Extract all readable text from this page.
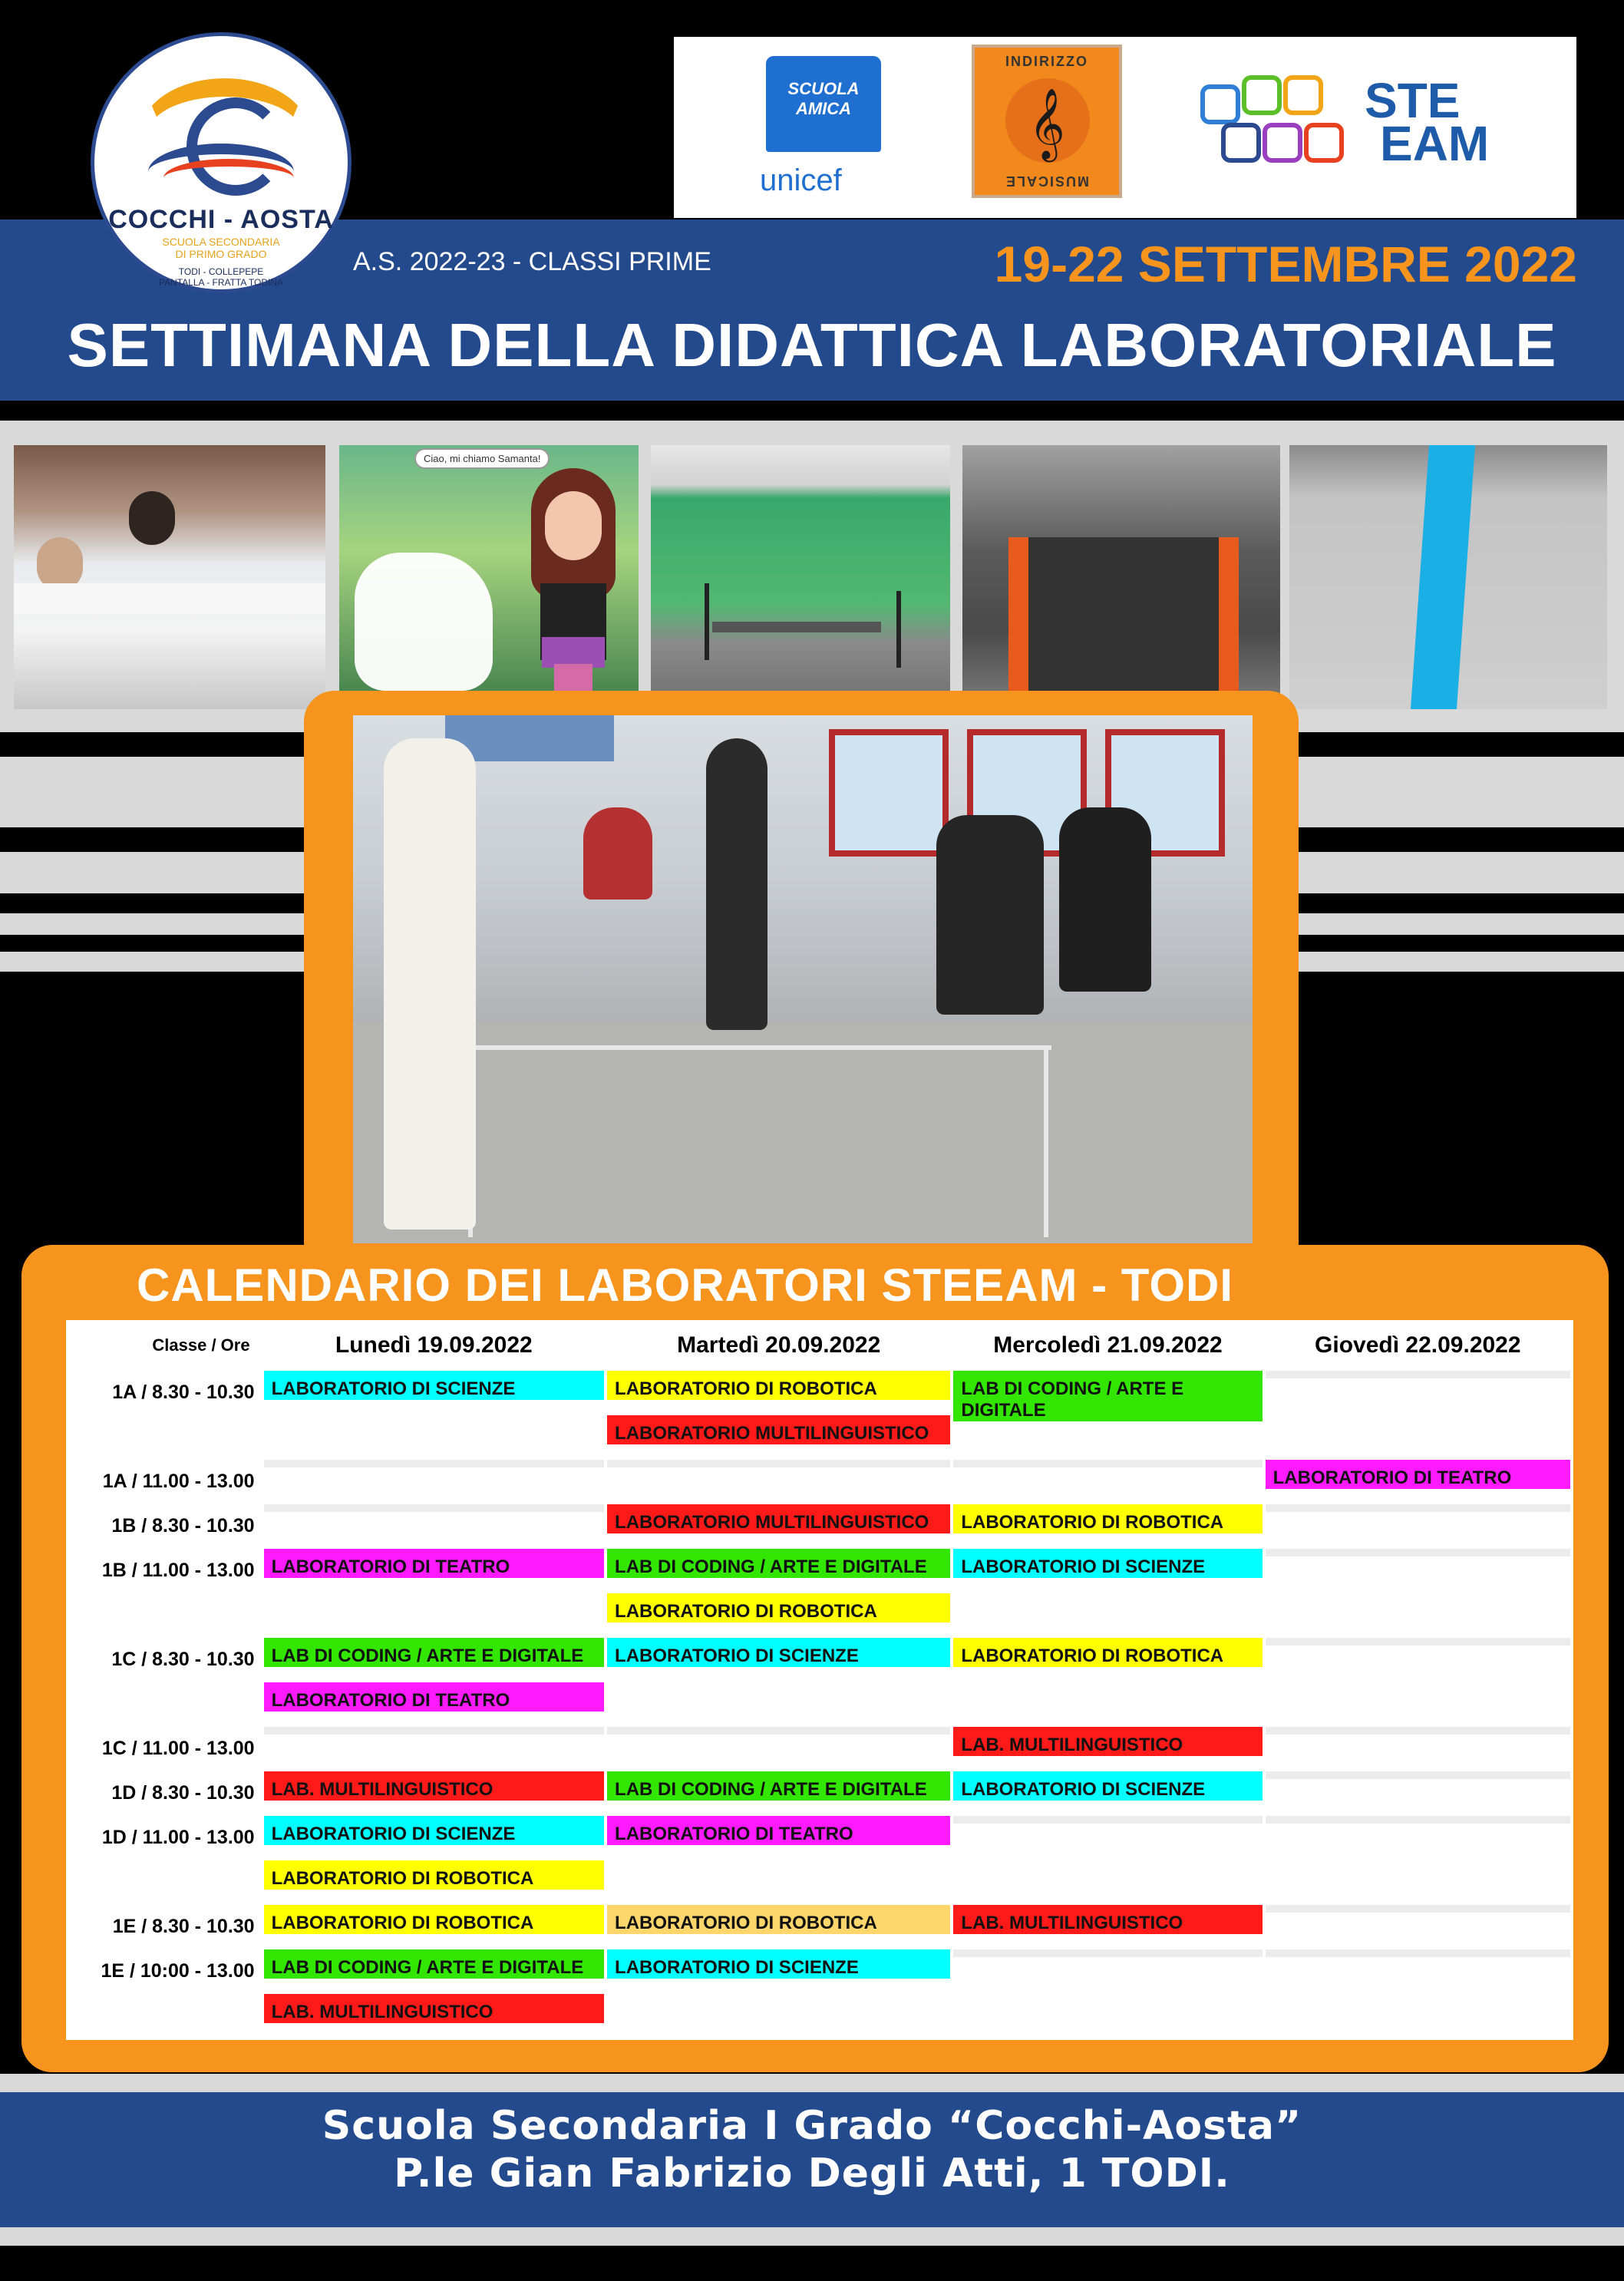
COCCHI - AOSTA
SCUOLA SECONDARIA
DI PRIMO GRADO
TODI - COLLEPEPE
PANTALLA - FRATTA TODINA
SCUOLA AMICA
unicef
INDIRIZZO
𝄞
MUSICALE
STE
EAM
A.S. 2022-23 - CLASSI PRIME	19-22 SETTEMBRE 2022
SETTIMANA DELLA DIDATTICA LABORATORIALE
Ciao, mi chiamo Samanta!
CALENDARIO DEI LABORATORI STEEAM - TODI
Classe / Ore	Lunedì 19.09.2022	Martedì 20.09.2022	Mercoledì 21.09.2022	Giovedì 22.09.2022
1A / 8.30 - 10.30	LABORATORIO DI SCIENZE	LABORATORIO DI ROBOTICA	LAB DI CODING / ARTE E DIGITALE	

		LABORATORIO MULTILINGUISTICO		

1A / 11.00 - 13.00				LABORATORIO DI TEATRO

1B / 8.30 - 10.30		LABORATORIO MULTILINGUISTICO	LABORATORIO DI ROBOTICA	

1B / 11.00 - 13.00	LABORATORIO DI TEATRO	LAB DI CODING / ARTE E DIGITALE	LABORATORIO DI SCIENZE	

		LABORATORIO DI ROBOTICA		

1C / 8.30 - 10.30	LAB DI CODING / ARTE E DIGITALE	LABORATORIO DI SCIENZE	LABORATORIO DI ROBOTICA	

	LABORATORIO DI TEATRO			

1C / 11.00 - 13.00			LAB. MULTILINGUISTICO	

1D / 8.30 - 10.30	LAB. MULTILINGUISTICO	LAB DI CODING / ARTE E DIGITALE	LABORATORIO DI SCIENZE	

1D / 11.00 - 13.00	LABORATORIO DI SCIENZE	LABORATORIO DI TEATRO		

	LABORATORIO DI ROBOTICA			

1E / 8.30 - 10.30	LABORATORIO DI ROBOTICA	LABORATORIO DI ROBOTICA	LAB. MULTILINGUISTICO	

1E / 10:00 - 13.00	LAB DI CODING / ARTE E DIGITALE	LABORATORIO DI SCIENZE		

	LAB. MULTILINGUISTICO			
Scuola Secondaria I Grado “Cocchi-Aosta”
P.le Gian Fabrizio Degli Atti, 1 TODI.
